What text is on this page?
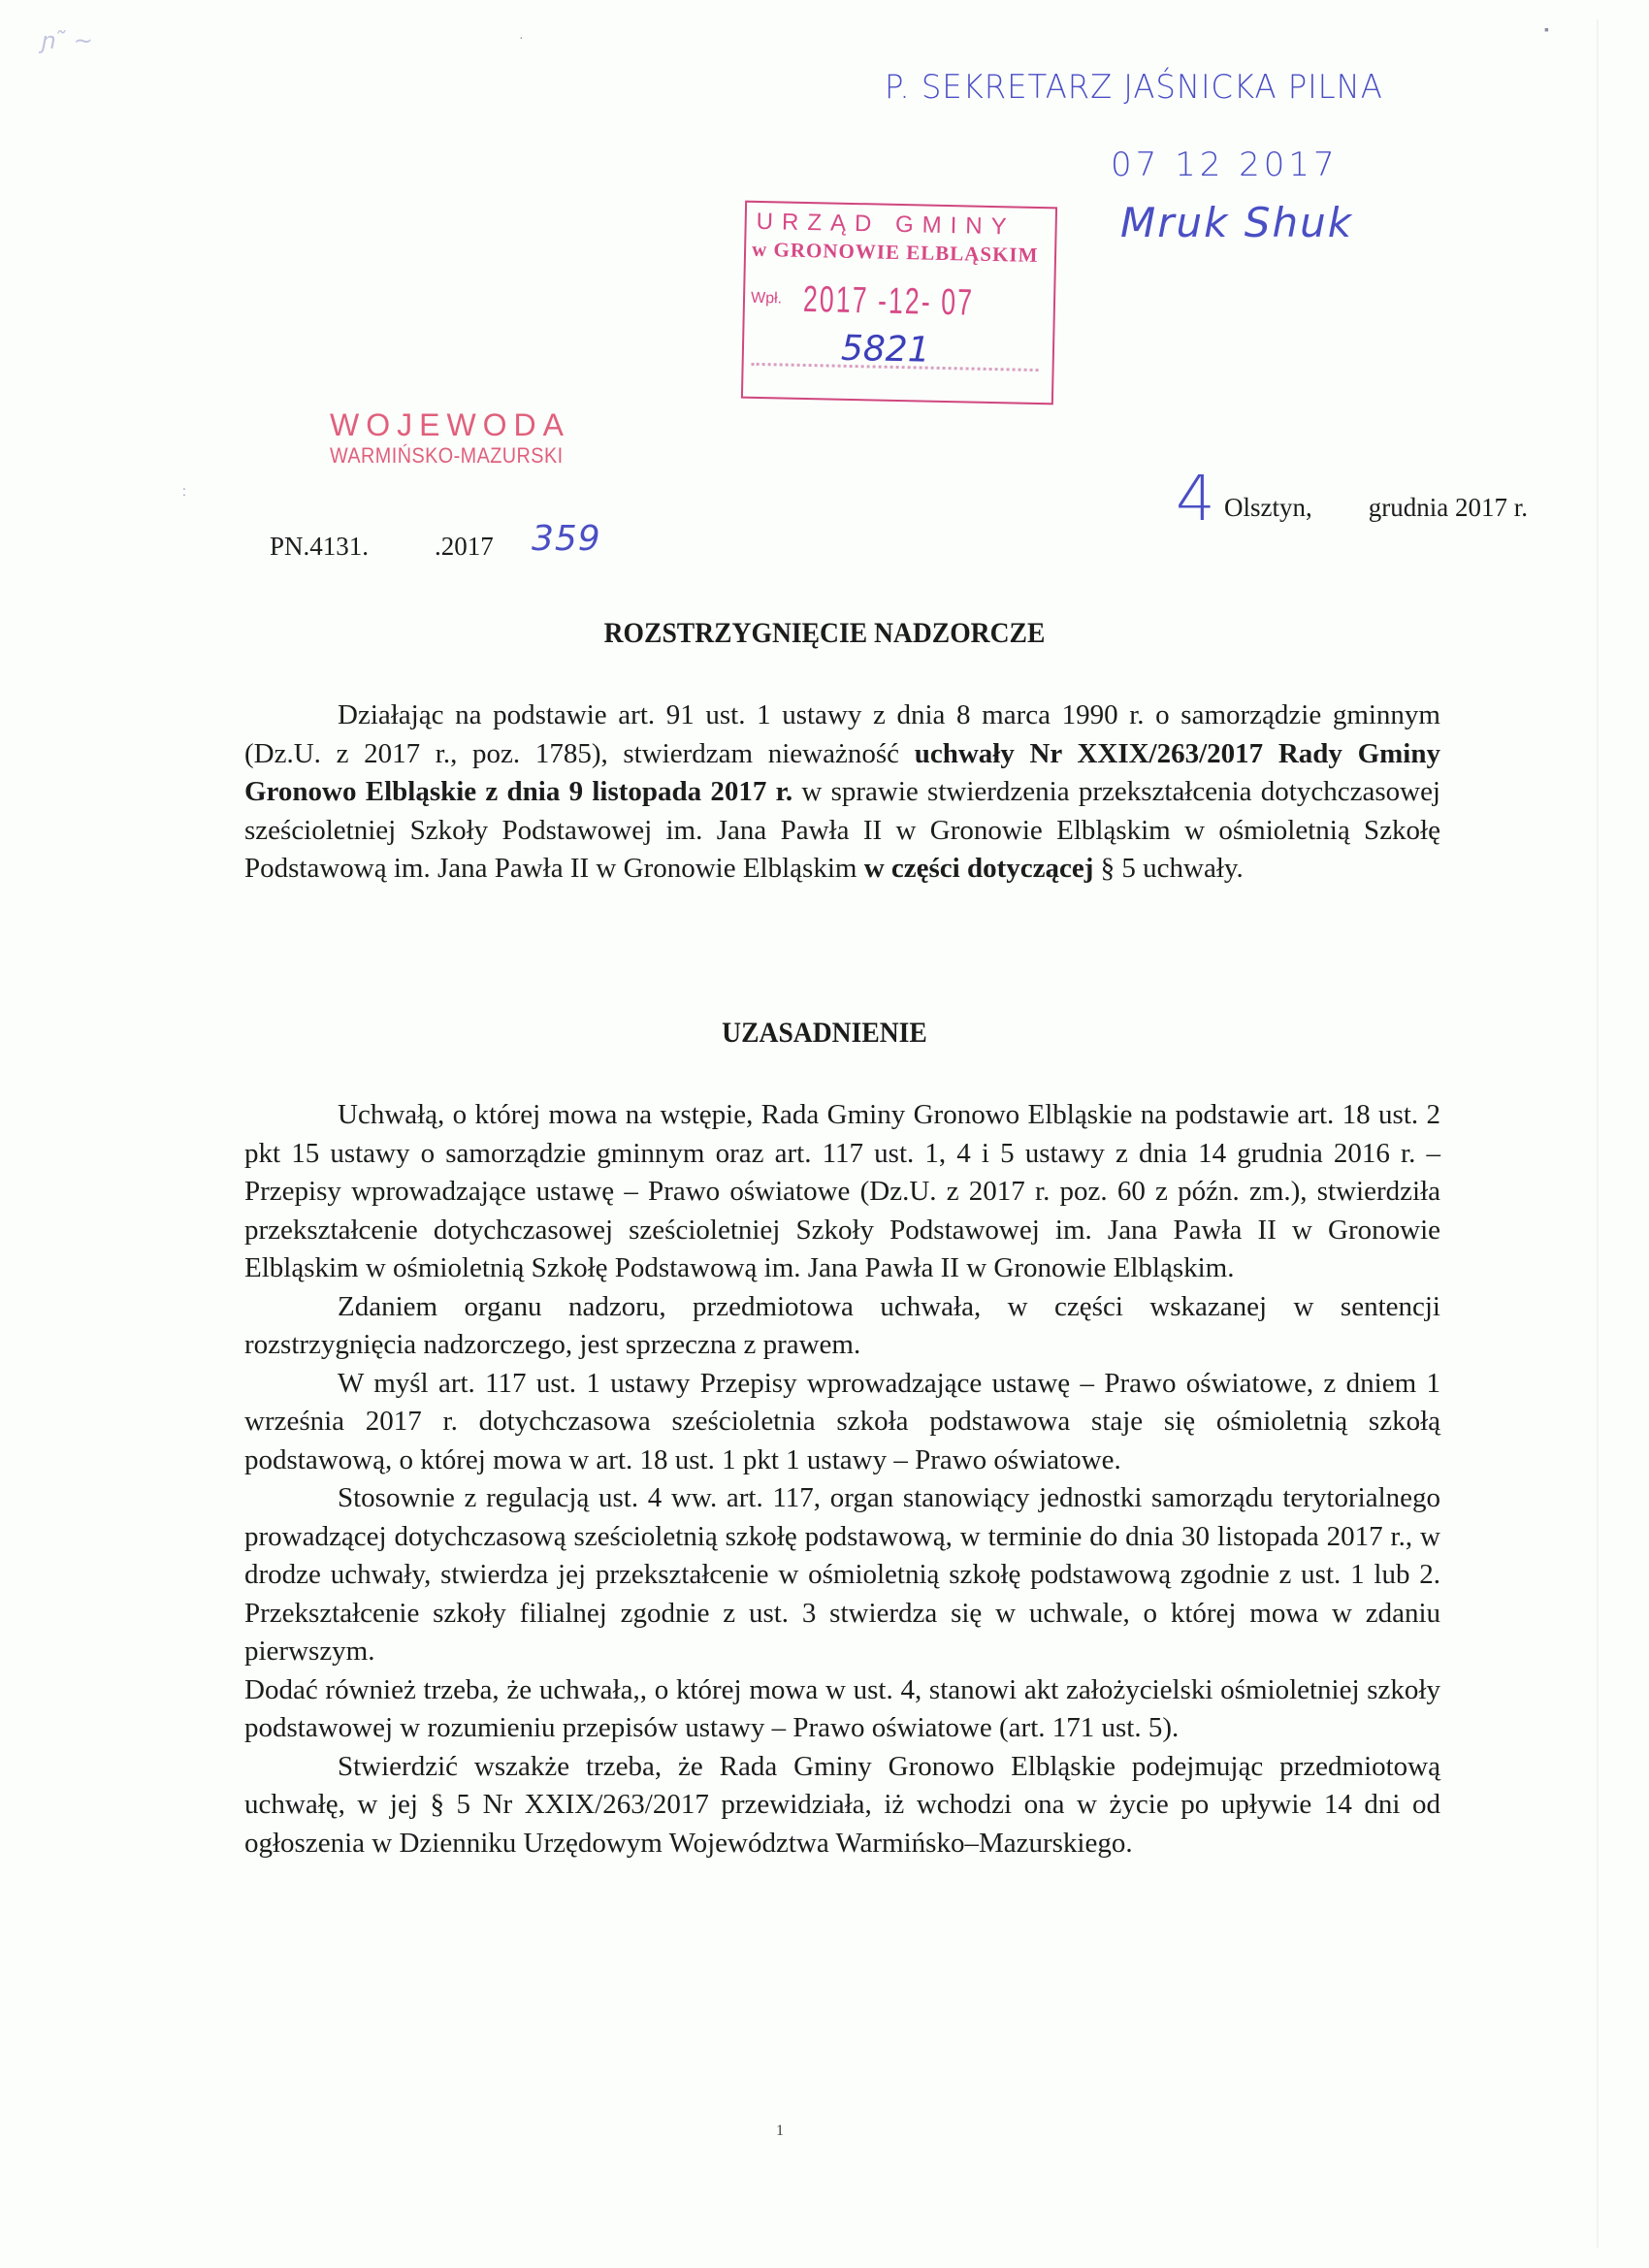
·	▪
:
ɲ ̃ ~
P. SEKRETARZ JAŚNICKA PILNA
07 12 2017
Mruk Shuk
URZĄD GMINY
w GRONOWIE ELBLĄSKIM
Wpł. 2017 -12- 07
5821
WOJEWODA
WARMIŃSKO-MAZURSKI
Olsztyn, grudnia 2017 r.
4
PN.4131.	.2017 359
ROZSTRZYGNIĘCIE NADZORCZE

Działając na podstawie art. 91 ust. 1 ustawy z dnia 8 marca 1990 r. o samorządzie gminnym (Dz.U. z 2017 r., poz. 1785), stwierdzam nieważność uchwały Nr XXIX/263/2017 Rady Gminy Gronowo Elbląskie z dnia 9 listopada 2017 r. w sprawie stwierdzenia przekształcenia dotychczasowej sześcioletniej Szkoły Podstawowej im. Jana Pawła II w Gronowie Elbląskim w ośmioletnią Szkołę Podstawową im. Jana Pawła II w Gronowie Elbląskim w części dotyczącej § 5 uchwały.

UZASADNIENIE

Uchwałą, o której mowa na wstępie, Rada Gminy Gronowo Elbląskie na podstawie art. 18 ust. 2 pkt 15 ustawy o samorządzie gminnym oraz art. 117 ust. 1, 4 i 5 ustawy z dnia 14 grudnia 2016 r. – Przepisy wprowadzające ustawę – Prawo oświatowe (Dz.U. z 2017 r. poz. 60 z późn. zm.), stwierdziła przekształcenie dotychczasowej sześcioletniej Szkoły Podstawowej im. Jana Pawła II w Gronowie Elbląskim w ośmioletnią Szkołę Podstawową im. Jana Pawła II w Gronowie Elbląskim.

Zdaniem organu nadzoru, przedmiotowa uchwała, w części wskazanej w sentencji rozstrzygnięcia nadzorczego, jest sprzeczna z prawem.

W myśl art. 117 ust. 1 ustawy Przepisy wprowadzające ustawę – Prawo oświatowe, z dniem 1 września 2017 r. dotychczasowa sześcioletnia szkoła podstawowa staje się ośmioletnią szkołą podstawową, o której mowa w art. 18 ust. 1 pkt 1 ustawy – Prawo oświatowe.

Stosownie z regulacją ust. 4 ww. art. 117, organ stanowiący jednostki samorządu terytorialnego prowadzącej dotychczasową sześcioletnią szkołę podstawową, w terminie do dnia 30 listopada 2017 r., w drodze uchwały, stwierdza jej przekształcenie w ośmioletnią szkołę podstawową zgodnie z ust. 1 lub 2. Przekształcenie szkoły filialnej zgodnie z ust. 3 stwierdza się w uchwale, o której mowa w zdaniu pierwszym.

Dodać również trzeba, że uchwała,, o której mowa w ust. 4, stanowi akt założycielski ośmioletniej szkoły podstawowej w rozumieniu przepisów ustawy – Prawo oświatowe (art. 171 ust. 5).

Stwierdzić wszakże trzeba, że Rada Gminy Gronowo Elbląskie podejmując przedmiotową uchwałę, w jej § 5 Nr XXIX/263/2017 przewidziała, iż wchodzi ona w życie po upływie 14 dni od ogłoszenia w Dzienniku Urzędowym Województwa Warmińsko–Mazurskiego.

1
